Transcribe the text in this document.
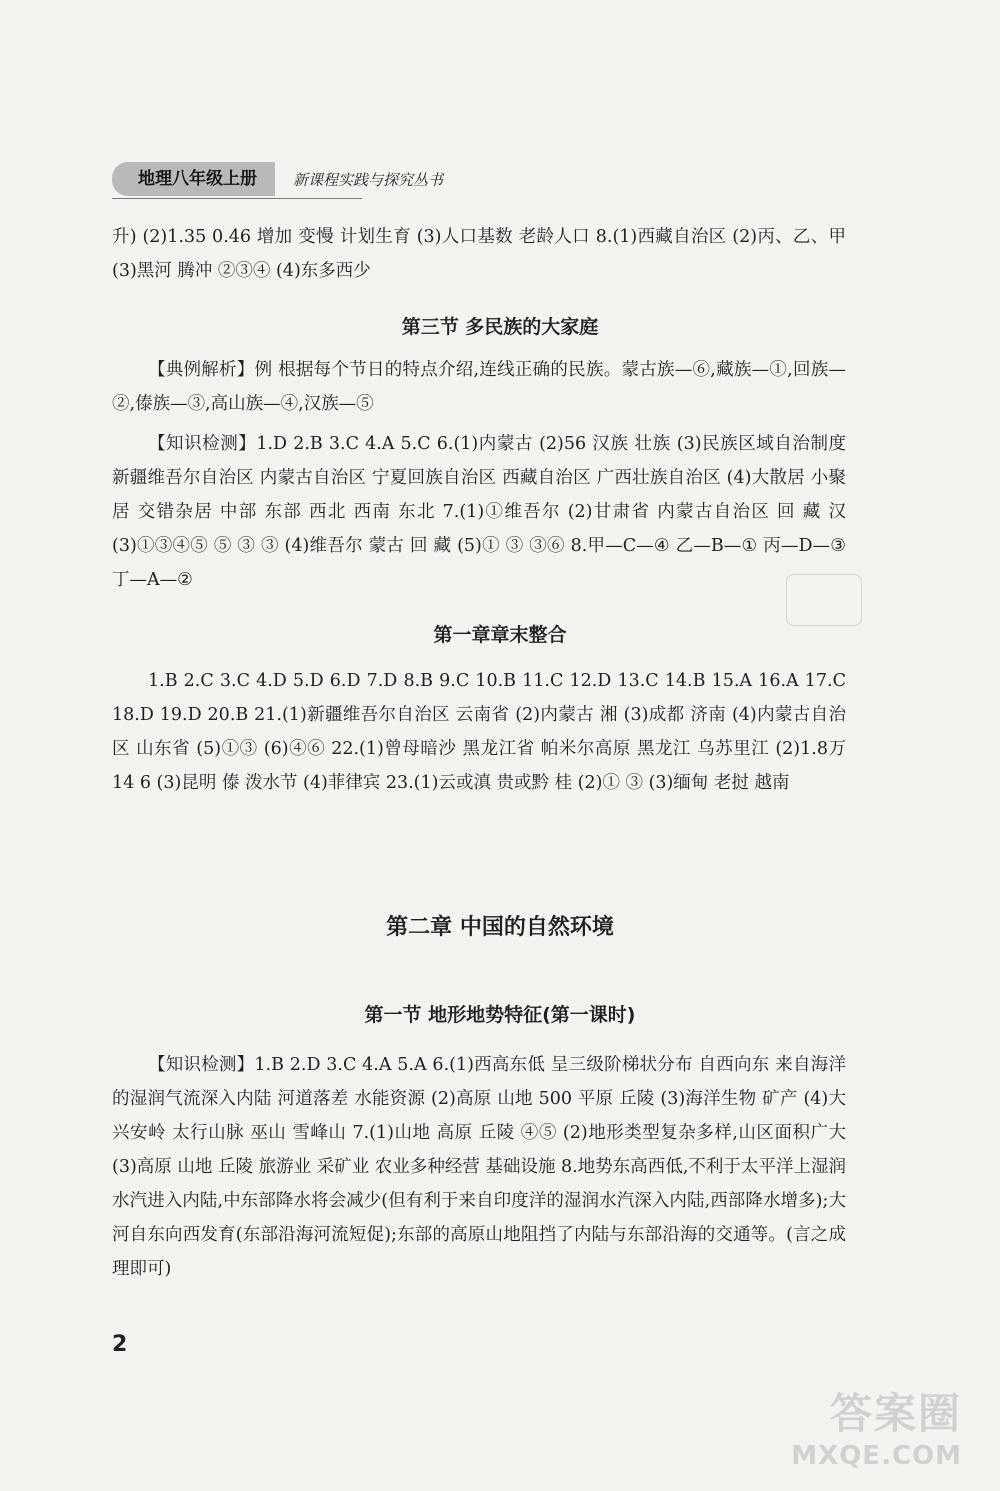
地理八年级上册	新课程实践与探究丛书

升) (2)1.35 0.46 增加 变慢 计划生育 (3)人口基数 老龄人口 8.(1)西藏自治区 (2)丙、乙、甲 (3)黑河 腾冲 ②③④ (4)东多西少

第三节 多民族的大家庭

【典例解析】例 根据每个节日的特点介绍,连线正确的民族。蒙古族—⑥,藏族—①,回族—②,傣族—③,高山族—④,汉族—⑤

【知识检测】1.D 2.B 3.C 4.A 5.C 6.(1)内蒙古 (2)56 汉族 壮族 (3)民族区域自治制度 新疆维吾尔自治区 内蒙古自治区 宁夏回族自治区 西藏自治区 广西壮族自治区 (4)大散居 小聚居 交错杂居 中部 东部 西北 西南 东北 7.(1)①维吾尔 (2)甘肃省 内蒙古自治区 回 藏 汉 (3)①③④⑤ ⑤ ③ ③ (4)维吾尔 蒙古 回 藏 (5)① ③ ③⑥ 8.甲—C—④ 乙—B—① 丙—D—③ 丁—A—②

第一章章末整合

1.B 2.C 3.C 4.D 5.D 6.D 7.D 8.B 9.C 10.B 11.C 12.D 13.C 14.B 15.A 16.A 17.C 18.D 19.D 20.B 21.(1)新疆维吾尔自治区 云南省 (2)内蒙古 湘 (3)成都 济南 (4)内蒙古自治区 山东省 (5)①③ (6)④⑥ 22.(1)曾母暗沙 黑龙江省 帕米尔高原 黑龙江 乌苏里江 (2)1.8万 14 6 (3)昆明 傣 泼水节 (4)菲律宾 23.(1)云或滇 贵或黔 桂 (2)① ③ (3)缅甸 老挝 越南

第二章 中国的自然环境
第一节 地形地势特征(第一课时)

【知识检测】1.B 2.D 3.C 4.A 5.A 6.(1)西高东低 呈三级阶梯状分布 自西向东 来自海洋的湿润气流深入内陆 河道落差 水能资源 (2)高原 山地 500 平原 丘陵 (3)海洋生物 矿产 (4)大兴安岭 太行山脉 巫山 雪峰山 7.(1)山地 高原 丘陵 ④⑤ (2)地形类型复杂多样,山区面积广大 (3)高原 山地 丘陵 旅游业 采矿业 农业多种经营 基础设施 8.地势东高西低,不利于太平洋上湿润水汽进入内陆,中东部降水将会减少(但有利于来自印度洋的湿润水汽深入内陆,西部降水增多);大河自东向西发育(东部沿海河流短促);东部的高原山地阻挡了内陆与东部沿海的交通等。(言之成理即可)

2
答案圈
MXQE.COM
